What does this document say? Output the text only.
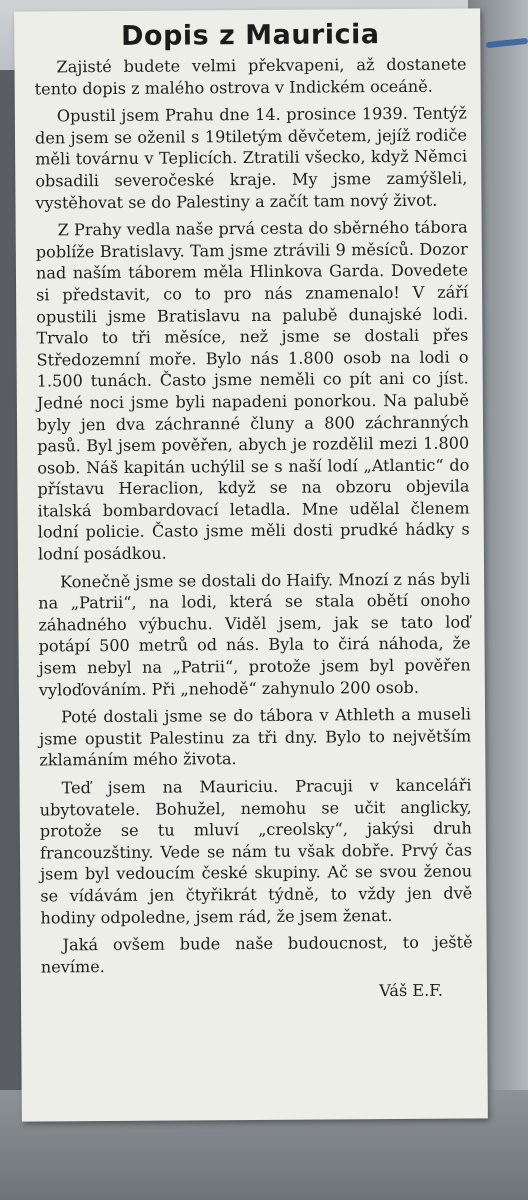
Dopis z Mauricia

Zajisté budete velmi překvapeni, až dostanete tento dopis z malého ostrova v Indickém oceáně.

Opustil jsem Prahu dne 14. prosince 1939. Tentýž den jsem se oženil s 19tiletým děvčetem, jejíž rodiče měli továrnu v Teplicích. Ztratili všecko, když Němci obsadili severočeské kraje. My jsme zamýšleli, vystěhovat se do Palestiny a začít tam nový život.

Z Prahy vedla naše prvá cesta do sběrného tábora poblíže Bratislavy. Tam jsme ztrávili 9 měsíců. Dozor nad naším táborem měla Hlinkova Garda. Dovedete si představit, co to pro nás znamenalo! V září opustili jsme Bratislavu na palubě dunajské lodi. Trvalo to tři měsíce, než jsme se dostali přes Středozemní moře. Bylo nás 1.800 osob na lodi o 1.500 tunách. Často jsme neměli co pít ani co jíst. Jedné noci jsme byli napadeni ponorkou. Na palubě byly jen dva záchranné čluny a 800 záchranných pasů. Byl jsem pověřen, abych je rozdělil mezi 1.800 osob. Náš kapitán uchýlil se s naší lodí „Atlantic“ do přístavu Heraclion, když se na obzoru objevila italská bombardovací letadla. Mne udělal členem lodní policie. Často jsme měli dosti prudké hádky s lodní posádkou.

Konečně jsme se dostali do Haify. Mnozí z nás byli na „Patrii“, na lodi, která se stala obětí onoho záhadného výbuchu. Viděl jsem, jak se tato loď potápí 500 metrů od nás. Byla to čirá náhoda, že jsem nebyl na „Patrii“, protože jsem byl pověřen vyloďováním. Při „nehodě“ zahynulo 200 osob.

Poté dostali jsme se do tábora v Athleth a museli jsme opustit Palestinu za tři dny. Bylo to největším zklamáním mého života.

Teď jsem na Mauriciu. Pracuji v kanceláři ubytovatele. Bohužel, nemohu se učit anglicky, protože se tu mluví „creolsky“, jakýsi druh francouzštiny. Vede se nám tu však dobře. Prvý čas jsem byl vedoucím české skupiny. Ač se svou ženou se vídávám jen čtyřikrát týdně, to vždy jen dvě hodiny odpoledne, jsem rád, že jsem ženat.

Jaká ovšem bude naše budoucnost, to ještě nevíme.

Váš E.F.
